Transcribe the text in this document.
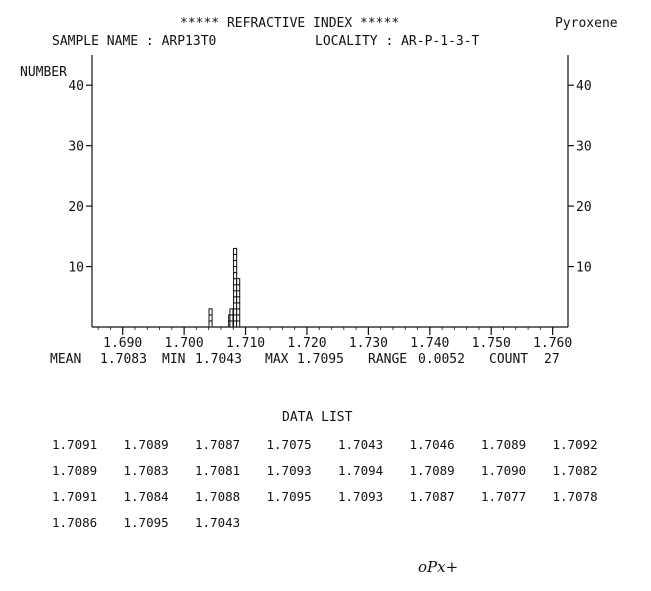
***** REFRACTIVE INDEX *****	Pyroxene
SAMPLE NAME : ARP13T0	LOCALITY : AR-P-1-3-T
NUMBER
10	10
20	20
30	30
40	40
1.690 1.700 1.710 1.720 1.730 1.740 1.750 1.760

MEAN

1.7083

MIN

1.7043

MAX

1.7095

RANGE

0.0052

COUNT

27

DATA LIST
1.7091 1.7089 1.7087 1.7075 1.7043 1.7046 1.7089 1.7092
1.7089 1.7083 1.7081 1.7093 1.7094 1.7089 1.7090 1.7082
1.7091 1.7084 1.7088 1.7095 1.7093 1.7087 1.7077 1.7078
1.7086 1.7095 1.7043
oPx+
